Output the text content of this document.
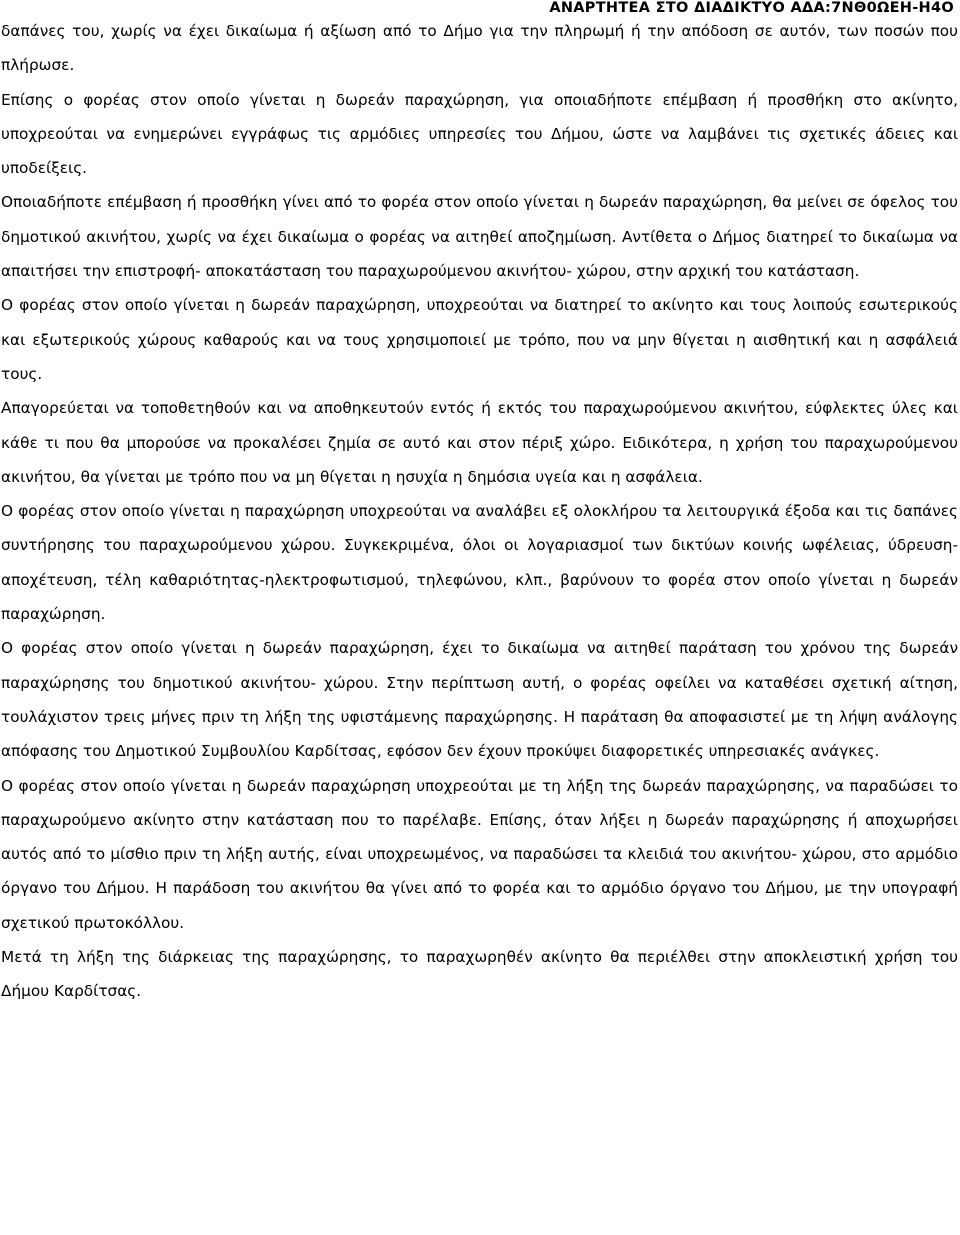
ΑΝΑΡΤΗΤΕΑ ΣΤΟ ΔΙΑΔΙΚΤΥΟ ΑΔΑ:7ΝΘ0ΩΕΗ-Η4Ο

δαπάνες του, χωρίς να έχει δικαίωμα ή αξίωση από το Δήμο για την πληρωμή ή την απόδοση σε αυτόν, των ποσών που πλήρωσε.

Επίσης ο φορέας στον οποίο γίνεται η δωρεάν παραχώρηση, για οποιαδήποτε επέμβαση ή προσθήκη στο ακίνητο, υποχρεούται να ενημερώνει εγγράφως τις αρμόδιες υπηρεσίες του Δήμου, ώστε να λαμβάνει τις σχετικές άδειες και υποδείξεις.

Οποιαδήποτε επέμβαση ή προσθήκη γίνει από το φορέα στον οποίο γίνεται η δωρεάν παραχώρηση, θα μείνει σε όφελος του δημοτικού ακινήτου, χωρίς να έχει δικαίωμα ο φορέας να αιτηθεί αποζημίωση. Αντίθετα ο Δήμος διατηρεί το δικαίωμα να απαιτήσει την επιστροφή- αποκατάσταση του παραχωρούμενου ακινήτου- χώρου, στην αρχική του κατάσταση.

Ο φορέας στον οποίο γίνεται η δωρεάν παραχώρηση, υποχρεούται να διατηρεί το ακίνητο και τους λοιπούς εσωτερικούς και εξωτερικούς χώρους καθαρούς και να τους χρησιμοποιεί με τρόπο, που να μην θίγεται η αισθητική και η ασφάλειά τους.

Απαγορεύεται να τοποθετηθούν και να αποθηκευτούν εντός ή εκτός του παραχωρούμενου ακινήτου, εύφλεκτες ύλες και κάθε τι που θα μπορούσε να προκαλέσει ζημία σε αυτό και στον πέριξ χώρο. Ειδικότερα, η χρήση του παραχωρούμενου ακινήτου, θα γίνεται με τρόπο που να μη θίγεται η ησυχία η δημόσια υγεία και η ασφάλεια.

Ο φορέας στον οποίο γίνεται η παραχώρηση υποχρεούται να αναλάβει εξ ολοκλήρου τα λειτουργικά έξοδα και τις δαπάνες συντήρησης του παραχωρούμενου χώρου. Συγκεκριμένα, όλοι οι λογαριασμοί των δικτύων κοινής ωφέλειας, ύδρευση- αποχέτευση, τέλη καθαριότητας-ηλεκτροφωτισμού, τηλεφώνου, κλπ., βαρύνουν το φορέα στον οποίο γίνεται η δωρεάν παραχώρηση.

Ο φορέας στον οποίο γίνεται η δωρεάν παραχώρηση, έχει το δικαίωμα να αιτηθεί παράταση του χρόνου της δωρεάν παραχώρησης του δημοτικού ακινήτου- χώρου. Στην περίπτωση αυτή, ο φορέας οφείλει να καταθέσει σχετική αίτηση, τουλάχιστον τρεις μήνες πριν τη λήξη της υφιστάμενης παραχώρησης. Η παράταση θα αποφασιστεί με τη λήψη ανάλογης απόφασης του Δημοτικού Συμβουλίου Καρδίτσας, εφόσον δεν έχουν προκύψει διαφορετικές υπηρεσιακές ανάγκες.

Ο φορέας στον οποίο γίνεται η δωρεάν παραχώρηση υποχρεούται με τη λήξη της δωρεάν παραχώρησης, να παραδώσει το παραχωρούμενο ακίνητο στην κατάσταση που το παρέλαβε. Επίσης, όταν λήξει η δωρεάν παραχώρησης ή αποχωρήσει αυτός από το μίσθιο πριν τη λήξη αυτής, είναι υποχρεωμένος, να παραδώσει τα κλειδιά του ακινήτου- χώρου, στο αρμόδιο όργανο του Δήμου. Η παράδοση του ακινήτου θα γίνει από το φορέα και το αρμόδιο όργανο του Δήμου, με την υπογραφή σχετικού πρωτοκόλλου.

Μετά τη λήξη της διάρκειας της παραχώρησης, το παραχωρηθέν ακίνητο θα περιέλθει στην αποκλειστική χρήση του Δήμου Καρδίτσας.
